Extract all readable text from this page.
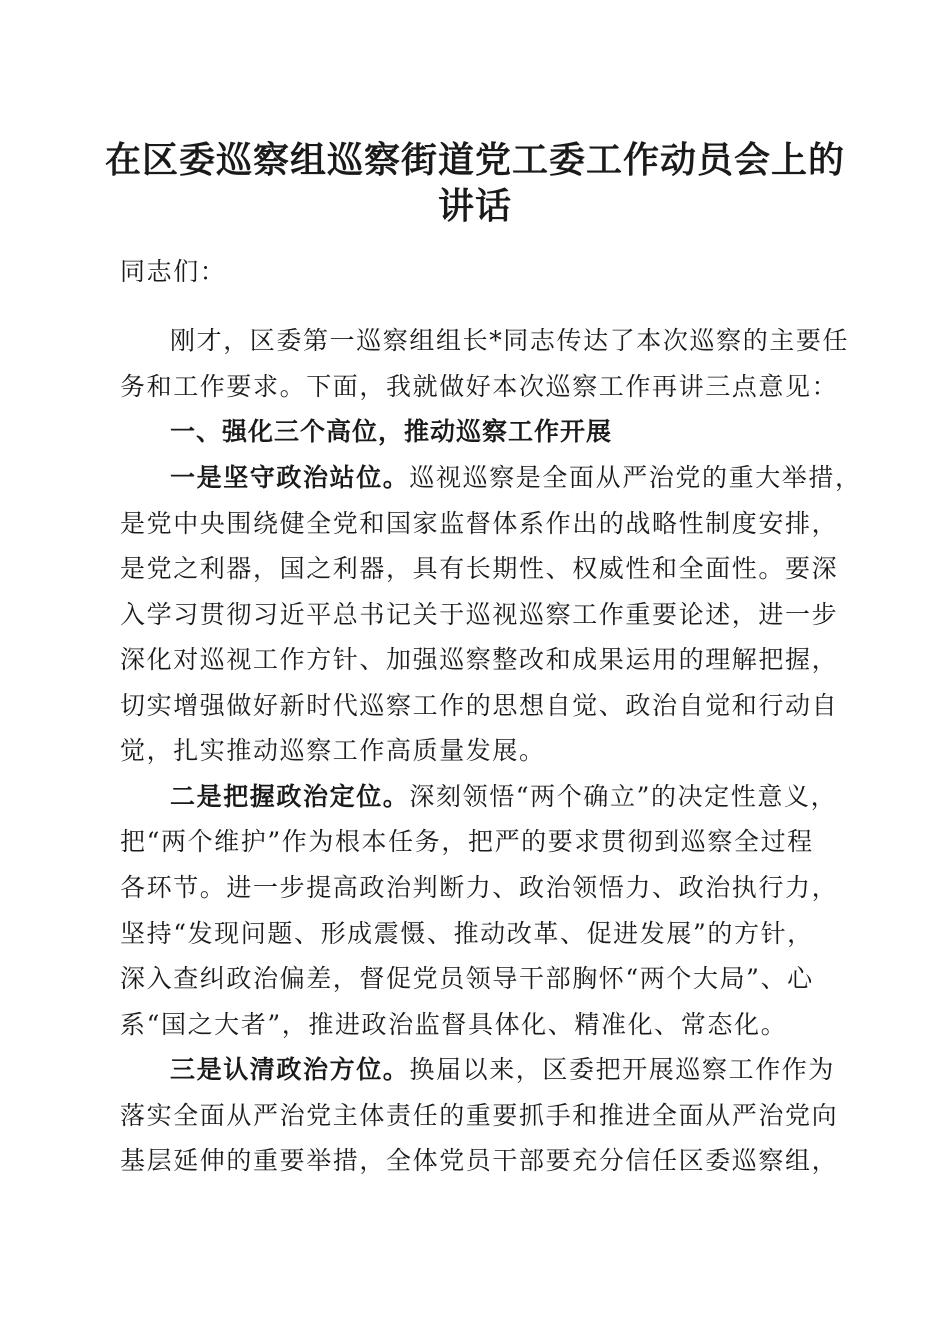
在区委巡察组巡察街道党工委工作动员会上的
讲话
同志们：
刚才，区委第一巡察组组长*同志传达了本次巡察的主要任
务和工作要求。下面，我就做好本次巡察工作再讲三点意见：
一、强化三个高位，推动巡察工作开展
一是坚守政治站位。巡视巡察是全面从严治党的重大举措，
是党中央围绕健全党和国家监督体系作出的战略性制度安排，
是党之利器，国之利器，具有长期性、权威性和全面性。要深
入学习贯彻习近平总书记关于巡视巡察工作重要论述，进一步
深化对巡视工作方针、加强巡察整改和成果运用的理解把握，
切实增强做好新时代巡察工作的思想自觉、政治自觉和行动自
觉，扎实推动巡察工作高质量发展。
二是把握政治定位。深刻领悟“两个确立”的决定性意义，
把“两个维护”作为根本任务，把严的要求贯彻到巡察全过程
各环节。进一步提高政治判断力、政治领悟力、政治执行力，
坚持“发现问题、形成震慑、推动改革、促进发展”的方针，
深入查纠政治偏差，督促党员领导干部胸怀“两个大局”、心
系“国之大者”，推进政治监督具体化、精准化、常态化。
三是认清政治方位。换届以来，区委把开展巡察工作作为
落实全面从严治党主体责任的重要抓手和推进全面从严治党向
基层延伸的重要举措，全体党员干部要充分信任区委巡察组，
